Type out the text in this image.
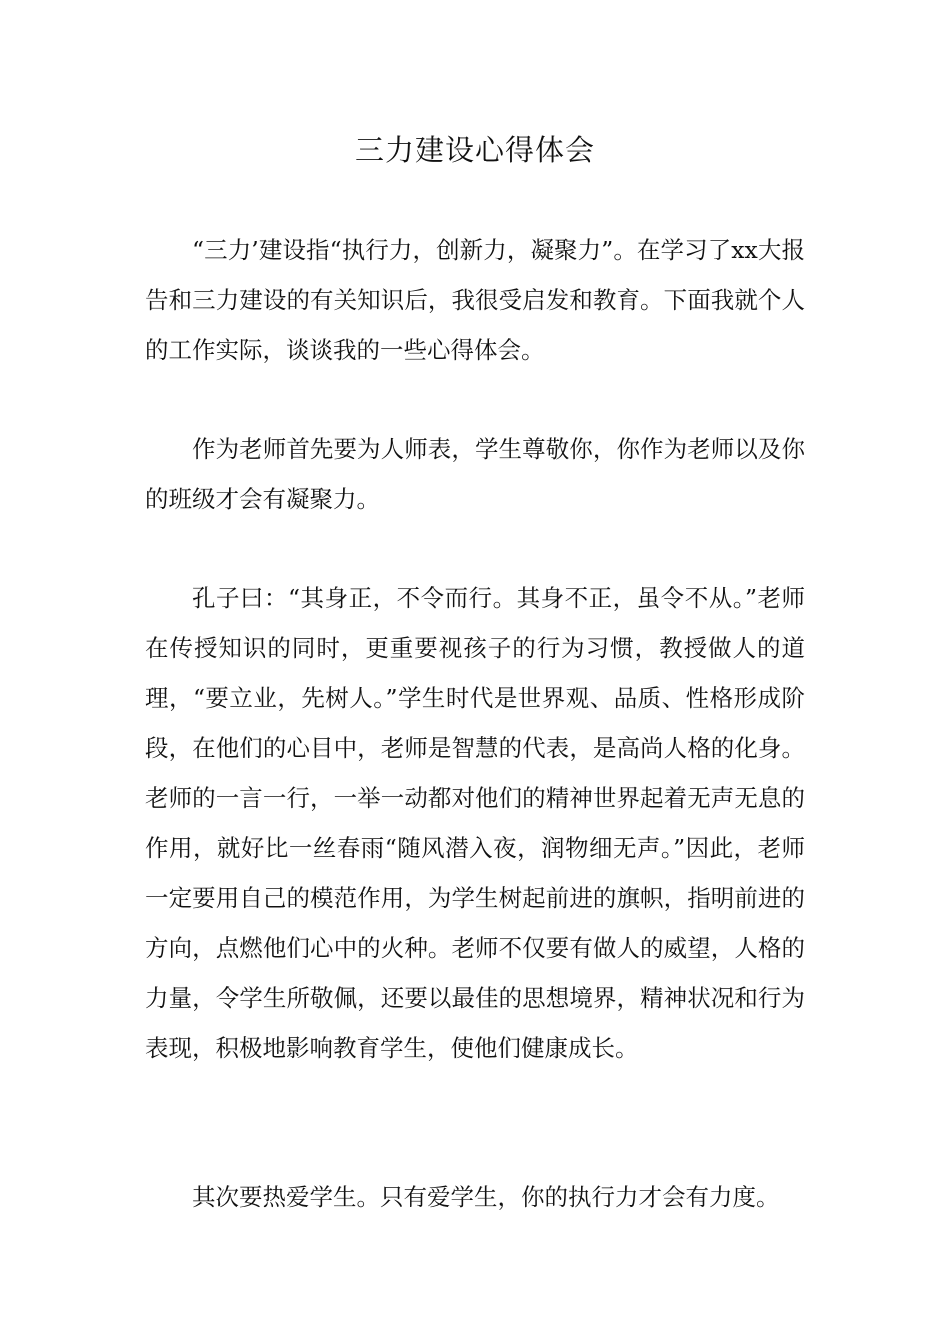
三力建设心得体会

“三力’建设指“执行力，创新力，凝聚力”。在学习了xx大报告和三力建设的有关知识后，我很受启发和教育。下面我就个人的工作实际，谈谈我的一些心得体会。

作为老师首先要为人师表，学生尊敬你，你作为老师以及你的班级才会有凝聚力。

孔子曰：“其身正，不令而行。其身不正，虽令不从。”老师在传授知识的同时，更重要视孩子的行为习惯，教授做人的道理，“要立业，先树人。”学生时代是世界观、品质、性格形成阶段，在他们的心目中，老师是智慧的代表，是高尚人格的化身。老师的一言一行，一举一动都对他们的精神世界起着无声无息的作用，就好比一丝春雨“随风潜入夜，润物细无声。”因此，老师一定要用自己的模范作用，为学生树起前进的旗帜，指明前进的方向，点燃他们心中的火种。老师不仅要有做人的威望，人格的力量，令学生所敬佩，还要以最佳的思想境界，精神状况和行为表现，积极地影响教育学生，使他们健康成长。

其次要热爱学生。只有爱学生，你的执行力才会有力度。
